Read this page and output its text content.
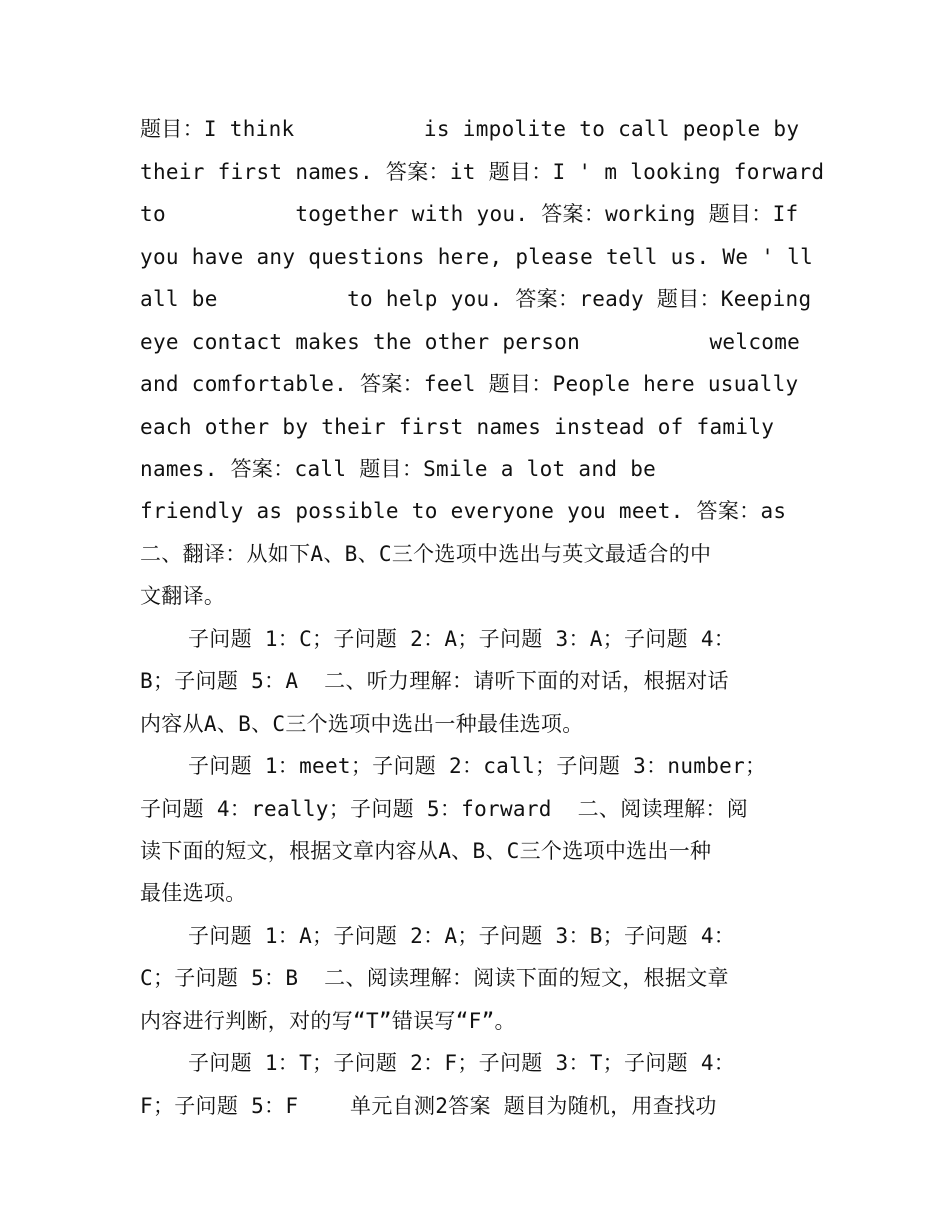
题目：I think          is impolite to call people by
their first names. 答案：it 题目：I ' m looking forward
to          together with you. 答案：working 题目：If
you have any questions here, please tell us. We ' ll
all be          to help you. 答案：ready 题目：Keeping
eye contact makes the other person          welcome
and comfortable. 答案：feel 题目：People here usually
each other by their first names instead of family
names. 答案：call 题目：Smile a lot and be
friendly as possible to everyone you meet. 答案：as
二、翻译：从如下A、B、C三个选项中选出与英文最适合的中
文翻译。
子问题 1：C；子问题 2：A；子问题 3：A；子问题 4：
B；子问题 5：A  二、听力理解：请听下面的对话，根据对话
内容从A、B、C三个选项中选出一种最佳选项。
子问题 1：meet；子问题 2：call；子问题 3：number；
子问题 4：really；子问题 5：forward  二、阅读理解：阅
读下面的短文，根据文章内容从A、B、C三个选项中选出一种
最佳选项。
子问题 1：A；子问题 2：A；子问题 3：B；子问题 4：
C；子问题 5：B  二、阅读理解：阅读下面的短文，根据文章
内容进行判断，对的写“T”错误写“F”。
子问题 1：T；子问题 2：F；子问题 3：T；子问题 4：
F；子问题 5：F    单元自测2答案 题目为随机，用查找功
